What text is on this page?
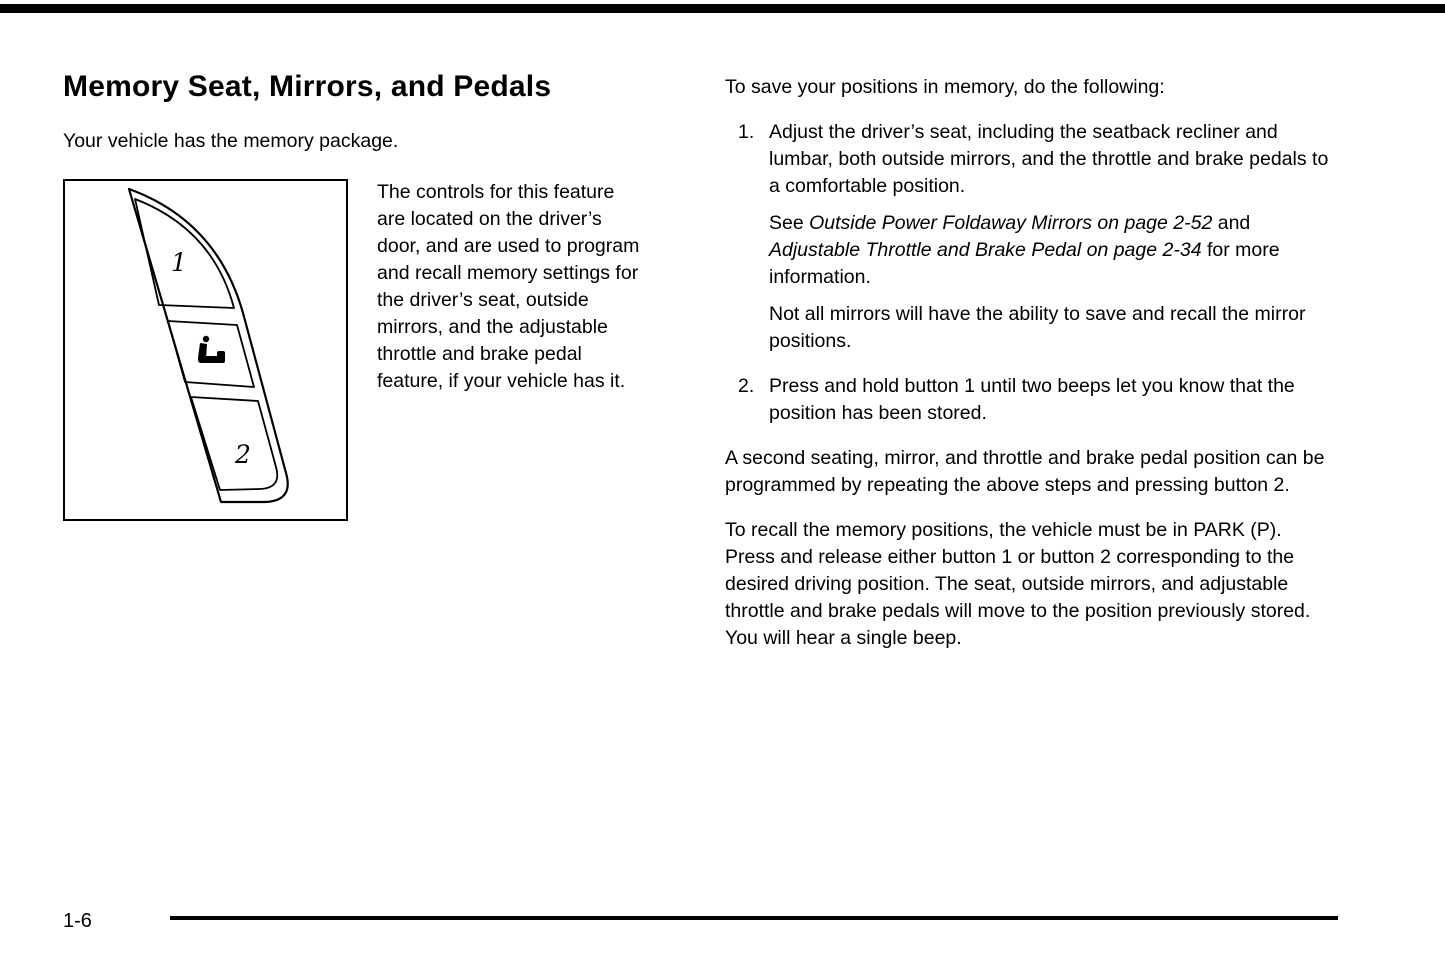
Memory Seat, Mirrors, and Pedals

Your vehicle has the memory package.

1
2

The controls for this feature are located on the driver’s door, and are used to program and recall memory settings for the driver’s seat, outside mirrors, and the adjustable throttle and brake pedal feature, if your vehicle has it.

To save your positions in memory, do the following:

1. Adjust the driver’s seat, including the seatback recliner and lumbar, both outside mirrors, and the throttle and brake pedals to a comfortable position.

See Outside Power Foldaway Mirrors on page 2-52 and Adjustable Throttle and Brake Pedal on page 2-34 for more information.

Not all mirrors will have the ability to save and recall the mirror positions.

2. Press and hold button 1 until two beeps let you know that the position has been stored.

A second seating, mirror, and throttle and brake pedal position can be programmed by repeating the above steps and pressing button 2.

To recall the memory positions, the vehicle must be in PARK (P). Press and release either button 1 or button 2 corresponding to the desired driving position. The seat, outside mirrors, and adjustable throttle and brake pedals will move to the position previously stored. You will hear a single beep.

1-6
